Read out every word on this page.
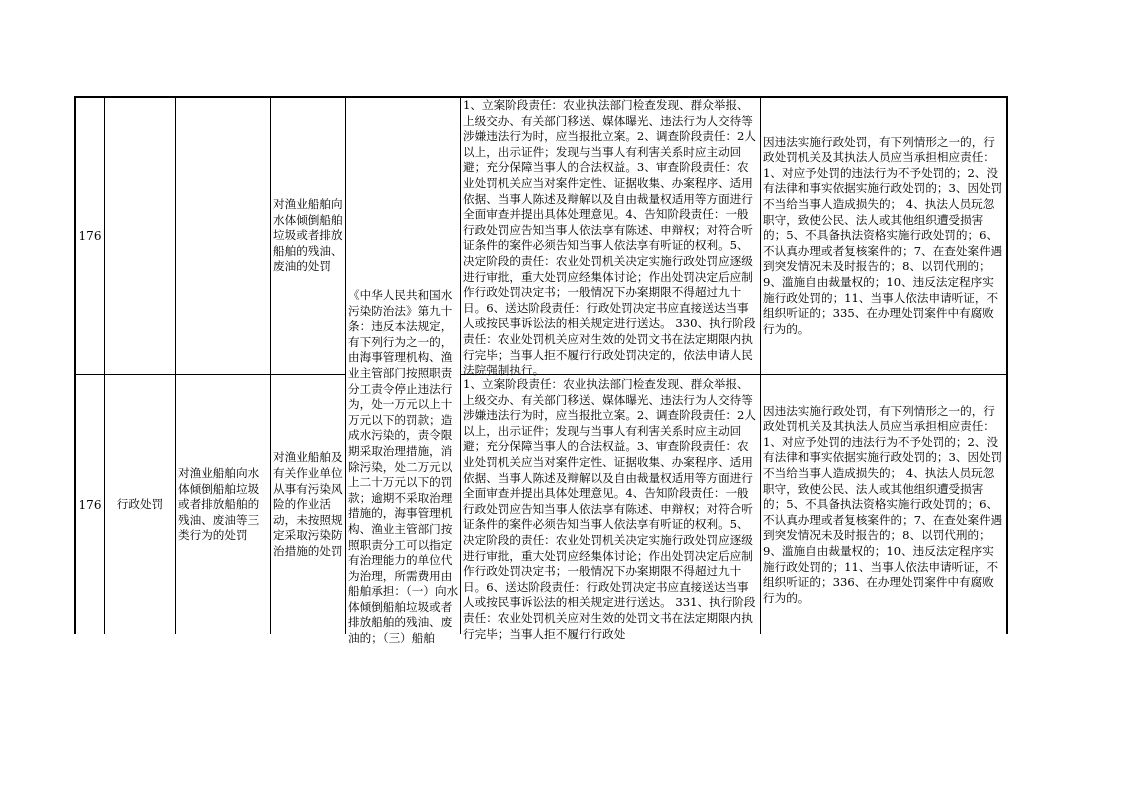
176
对渔业船舶向水体倾倒船舶垃圾或者排放船舶的残油、废油的处罚
1、立案阶段责任：农业执法部门检查发现、群众举报、上级交办、有关部门移送、媒体曝光、违法行为人交待等涉嫌违法行为时，应当报批立案。2、调查阶段责任：2人以上，出示证件；发现与当事人有利害关系时应主动回避；充分保障当事人的合法权益。3、审查阶段责任：农业处罚机关应当对案件定性、证据收集、办案程序、适用依据、当事人陈述及辩解以及自由裁量权适用等方面进行全面审查并提出具体处理意见。4、告知阶段责任：一般行政处罚应告知当事人依法享有陈述、申辩权；对符合听证条件的案件必须告知当事人依法享有听证的权利。5、决定阶段的责任：农业处罚机关决定实施行政处罚应逐级进行审批，重大处罚应经集体讨论；作出处罚决定后应制作行政处罚决定书；一般情况下办案期限不得超过九十日。6、送达阶段责任：行政处罚决定书应直接送达当事人或按民事诉讼法的相关规定进行送达。 330、执行阶段责任：农业处罚机关应对生效的处罚文书在法定期限内执行完毕；当事人拒不履行行政处罚决定的，依法申请人民法院强制执行。
因违法实施行政处罚，有下列情形之一的，行政处罚机关及其执法人员应当承担相应责任：1、对应予处罚的违法行为不予处罚的；2、没有法律和事实依据实施行政处罚的；3、因处罚不当给当事人造成损失的； 4、执法人员玩忽职守，致使公民、法人或其他组织遭受损害的；5、不具备执法资格实施行政处罚的；6、不认真办理或者复核案件的；7、在查处案件遇到突发情况未及时报告的；8、以罚代刑的；9、滥施自由裁量权的；10、违反法定程序实施行政处罚的；11、当事人依法申请听证，不组织听证的；335、在办理处罚案件中有腐败行为的。
《中华人民共和国水污染防治法》第九十条：违反本法规定，有下列行为之一的，由海事管理机构、渔业主管部门按照职责分工责令停止违法行为，处一万元以上十万元以下的罚款；造成水污染的，责令限期采取治理措施，消除污染，处二万元以上二十万元以下的罚款；逾期不采取治理措施的，海事管理机构、渔业主管部门按照职责分工可以指定有治理能力的单位代为治理，所需费用由船舶承担：（一）向水体倾倒船舶垃圾或者排放船舶的残油、废油的；（三）船舶
176 行政处罚
对渔业船舶向水体倾倒船舶垃圾或者排放船舶的残油、废油等三类行为的处罚
对渔业船舶及有关作业单位从事有污染风险的作业活动，未按照规定采取污染防治措施的处罚
1、立案阶段责任：农业执法部门检查发现、群众举报、上级交办、有关部门移送、媒体曝光、违法行为人交待等涉嫌违法行为时，应当报批立案。2、调查阶段责任：2人以上，出示证件；发现与当事人有利害关系时应主动回避；充分保障当事人的合法权益。3、审查阶段责任：农业处罚机关应当对案件定性、证据收集、办案程序、适用依据、当事人陈述及辩解以及自由裁量权适用等方面进行全面审查并提出具体处理意见。4、告知阶段责任：一般行政处罚应告知当事人依法享有陈述、申辩权；对符合听证条件的案件必须告知当事人依法享有听证的权利。5、决定阶段的责任：农业处罚机关决定实施行政处罚应逐级进行审批，重大处罚应经集体讨论；作出处罚决定后应制作行政处罚决定书；一般情况下办案期限不得超过九十日。6、送达阶段责任：行政处罚决定书应直接送达当事人或按民事诉讼法的相关规定进行送达。 331、执行阶段责任：农业处罚机关应对生效的处罚文书在法定期限内执行完毕；当事人拒不履行行政处
因违法实施行政处罚，有下列情形之一的，行政处罚机关及其执法人员应当承担相应责任：1、对应予处罚的违法行为不予处罚的；2、没有法律和事实依据实施行政处罚的；3、因处罚不当给当事人造成损失的； 4、执法人员玩忽职守，致使公民、法人或其他组织遭受损害的；5、不具备执法资格实施行政处罚的；6、不认真办理或者复核案件的；7、在查处案件遇到突发情况未及时报告的；8、以罚代刑的；9、滥施自由裁量权的；10、违反法定程序实施行政处罚的；11、当事人依法申请听证，不组织听证的；336、在办理处罚案件中有腐败行为的。
